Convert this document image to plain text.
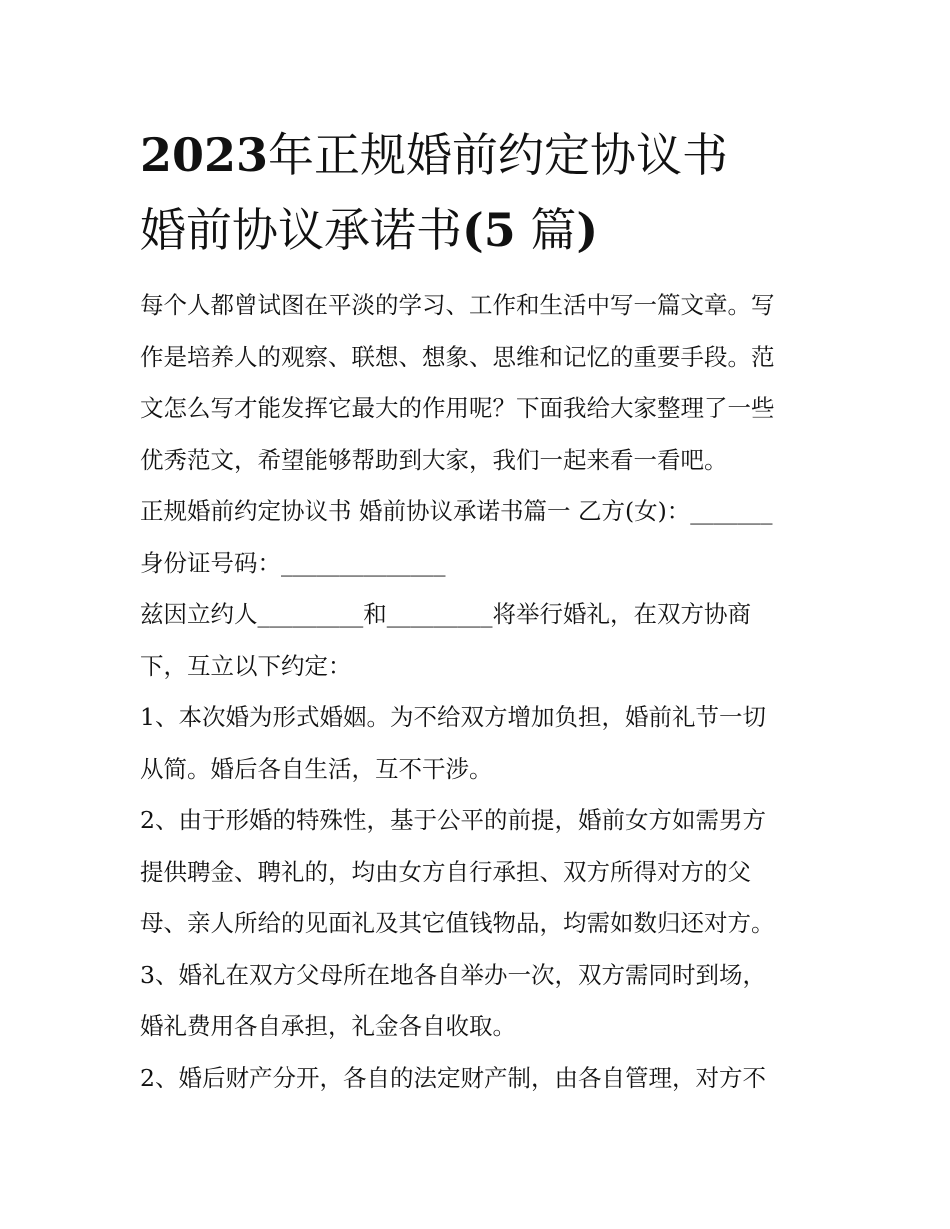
2023年正规婚前约定协议书
婚前协议承诺书(5 篇)

每个人都曾试图在平淡的学习、工作和生活中写一篇文章。写

作是培养人的观察、联想、想象、思维和记忆的重要手段。范

文怎么写才能发挥它最大的作用呢？下面我给大家整理了一些

优秀范文，希望能够帮助到大家，我们一起来看一看吧。

正规婚前约定协议书 婚前协议承诺书篇一 乙方(女)：_______

身份证号码：______________

兹因立约人_________和_________将举行婚礼，在双方协商

下，互立以下约定：

1、本次婚为形式婚姻。为不给双方增加负担，婚前礼节一切

从简。婚后各自生活，互不干涉。

2、由于形婚的特殊性，基于公平的前提，婚前女方如需男方

提供聘金、聘礼的，均由女方自行承担、双方所得对方的父

母、亲人所给的见面礼及其它值钱物品，均需如数归还对方。

3、婚礼在双方父母所在地各自举办一次，双方需同时到场，

婚礼费用各自承担，礼金各自收取。

2、婚后财产分开，各自的法定财产制，由各自管理，对方不
